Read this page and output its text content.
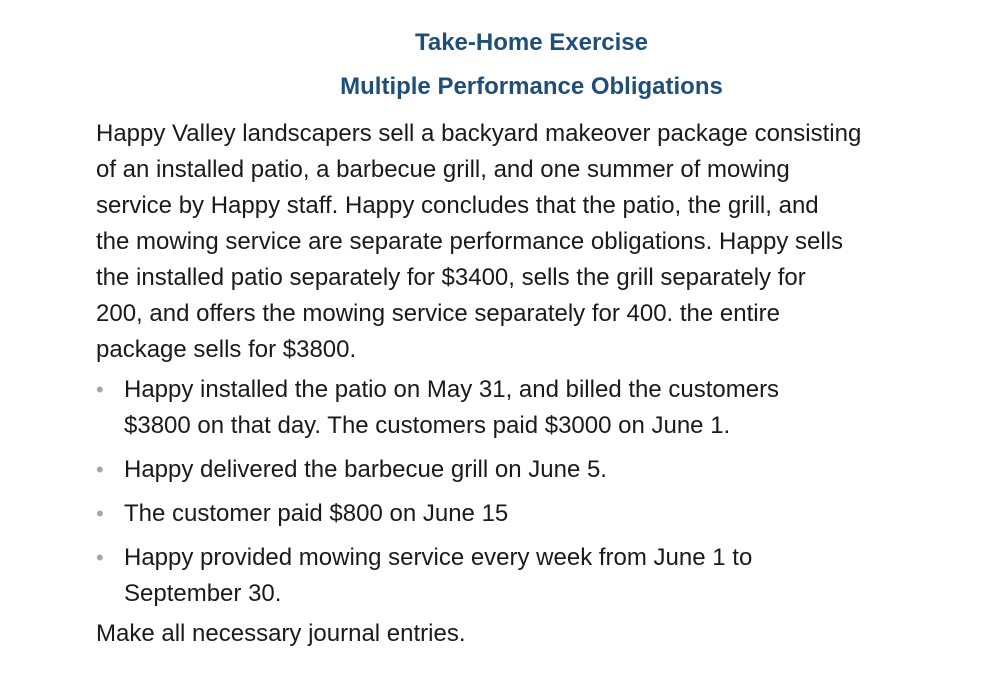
Take-Home Exercise
Multiple Performance Obligations

Happy Valley landscapers sell a backyard makeover package consisting
of an installed patio, a barbecue grill, and one summer of mowing
service by Happy staff. Happy concludes that the patio, the grill, and
the mowing service are separate performance obligations. Happy sells
the installed patio separately for $3400, sells the grill separately for
200, and offers the mowing service separately for 400. the entire
package sells for $3800.

• Happy installed the patio on May 31, and billed the customers
$3800 on that day. The customers paid $3000 on June 1.
• Happy delivered the barbecue grill on June 5.
• The customer paid $800 on June 15
• Happy provided mowing service every week from June 1 to
September 30.

Make all necessary journal entries.
